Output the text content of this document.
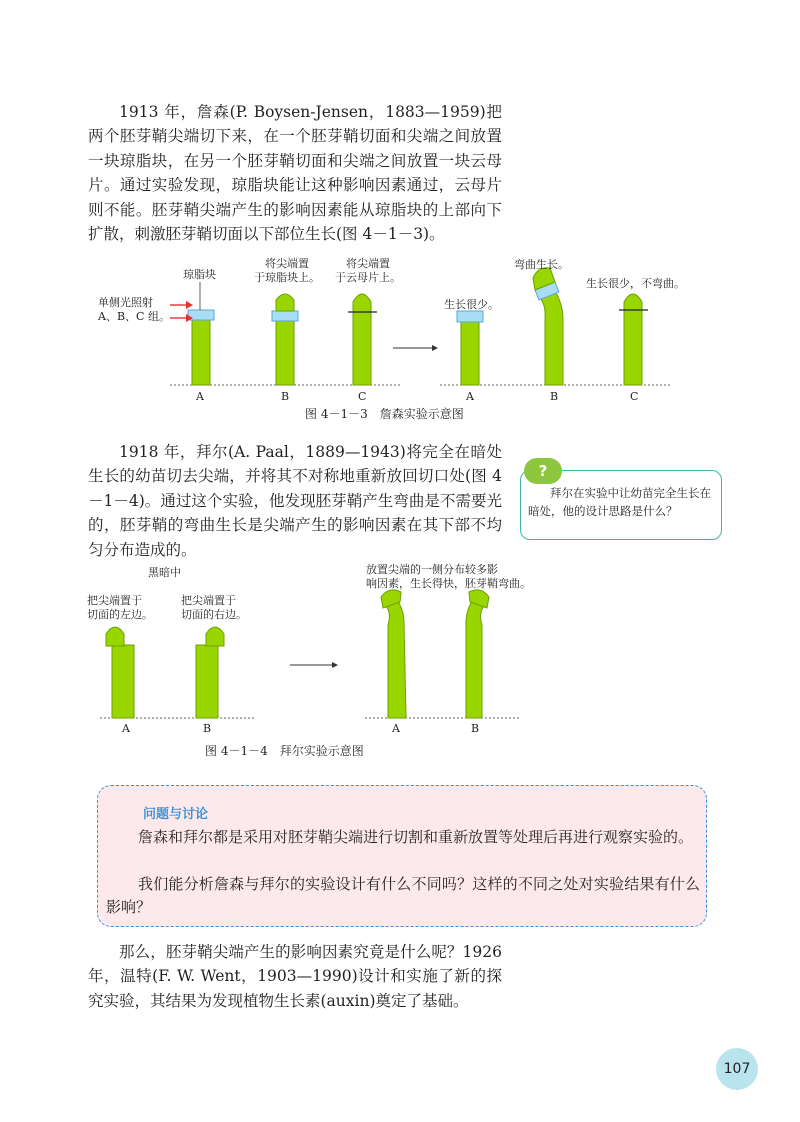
1913 年，詹森(P. Boysen-Jensen，1883—1959)把两个胚芽鞘尖端切下来，在一个胚芽鞘切面和尖端之间放置一块琼脂块，在另一个胚芽鞘切面和尖端之间放置一块云母片。通过实验发现，琼脂块能让这种影响因素通过，云母片则不能。胚芽鞘尖端产生的影响因素能从琼脂块的上部向下扩散，刺激胚芽鞘切面以下部位生长(图 4－1－3)。

琼脂块
单侧光照射
A、B、C 组。
将尖端置
于琼脂块上。
将尖端置
于云母片上。
生长很少。
弯曲生长。
生长很少，不弯曲。
A	B	C	A	B	C
图 4－1－3　詹森实验示意图

1918 年，拜尔(A. Paal，1889—1943)将完全在暗处生长的幼苗切去尖端，并将其不对称地重新放回切口处(图 4－1－4)。通过这个实验，他发现胚芽鞘产生弯曲是不需要光的，胚芽鞘的弯曲生长是尖端产生的影响因素在其下部不均匀分布造成的。

?

拜尔在实验中让幼苗完全生长在暗处，他的设计思路是什么？

黑暗中
把尖端置于
切面的左边。
把尖端置于
切面的右边。
放置尖端的一侧分布较多影
响因素，生长得快，胚芽鞘弯曲。
A	B	A	B
图 4－1－4　拜尔实验示意图
问题与讨论

詹森和拜尔都是采用对胚芽鞘尖端进行切割和重新放置等处理后再进行观察实验的。

我们能分析詹森与拜尔的实验设计有什么不同吗？这样的不同之处对实验结果有什么影响？

那么，胚芽鞘尖端产生的影响因素究竟是什么呢？1926 年，温特(F. W. Went，1903—1990)设计和实施了新的探究实验，其结果为发现植物生长素(auxin)奠定了基础。

107
